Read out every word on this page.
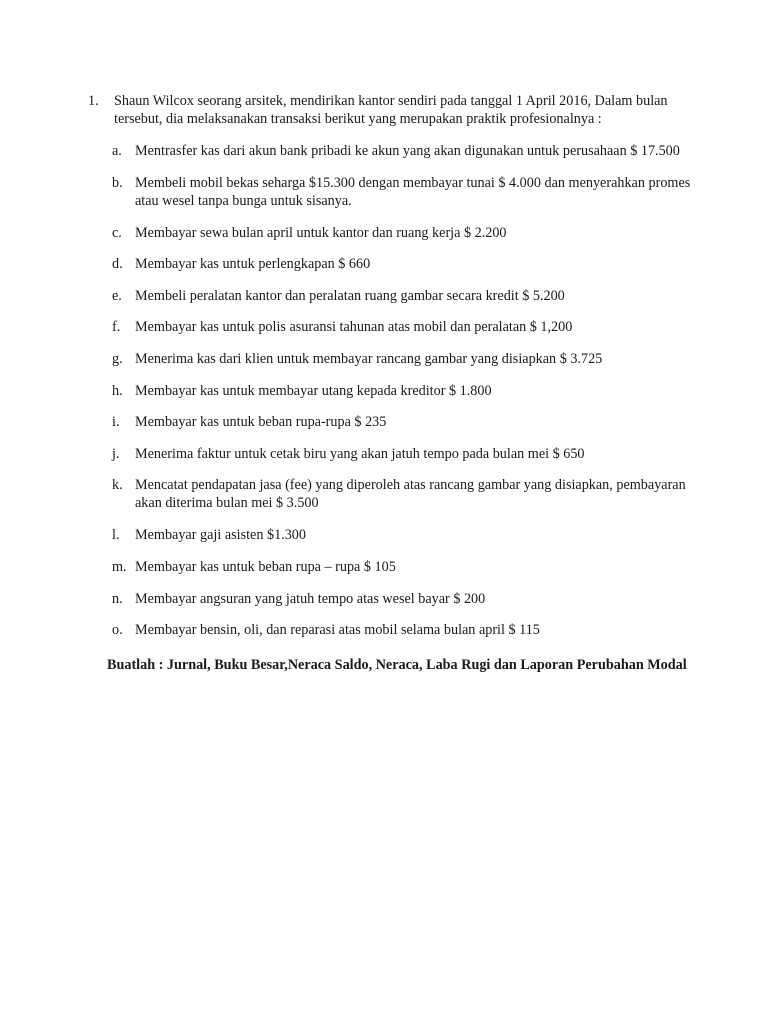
1. Shaun Wilcox seorang arsitek, mendirikan kantor sendiri pada tanggal 1 April 2016, Dalam bulan tersebut, dia melaksanakan transaksi berikut yang merupakan praktik profesionalnya :
a. Mentrasfer kas dari akun bank pribadi ke akun yang akan digunakan untuk perusahaan $ 17.500
b. Membeli mobil bekas seharga $15.300 dengan membayar tunai $ 4.000 dan menyerahkan promes atau wesel tanpa bunga untuk sisanya.
c. Membayar sewa bulan april untuk kantor dan ruang kerja $ 2.200
d. Membayar kas untuk perlengkapan $ 660
e. Membeli peralatan kantor dan peralatan ruang gambar secara kredit $ 5.200
f.	Membayar kas untuk polis asuransi tahunan atas mobil dan peralatan $ 1,200
g. Menerima kas dari klien untuk membayar rancang gambar yang disiapkan $ 3.725
h. Membayar kas untuk membayar utang kepada kreditor $ 1.800
i.	Membayar kas untuk beban rupa-rupa $ 235
j.	Menerima faktur untuk cetak biru yang akan jatuh tempo pada bulan mei $ 650
k. Mencatat pendapatan jasa (fee) yang diperoleh atas rancang gambar yang disiapkan, pembayaran akan diterima bulan mei $ 3.500
l.	Membayar gaji asisten $1.300
m. Membayar kas untuk beban rupa – rupa $ 105
n. Membayar angsuran yang jatuh tempo atas wesel bayar $ 200
o. Membayar bensin, oli, dan reparasi atas mobil selama bulan april $ 115
Buatlah : Jurnal, Buku Besar,Neraca Saldo, Neraca, Laba Rugi dan Laporan Perubahan Modal
